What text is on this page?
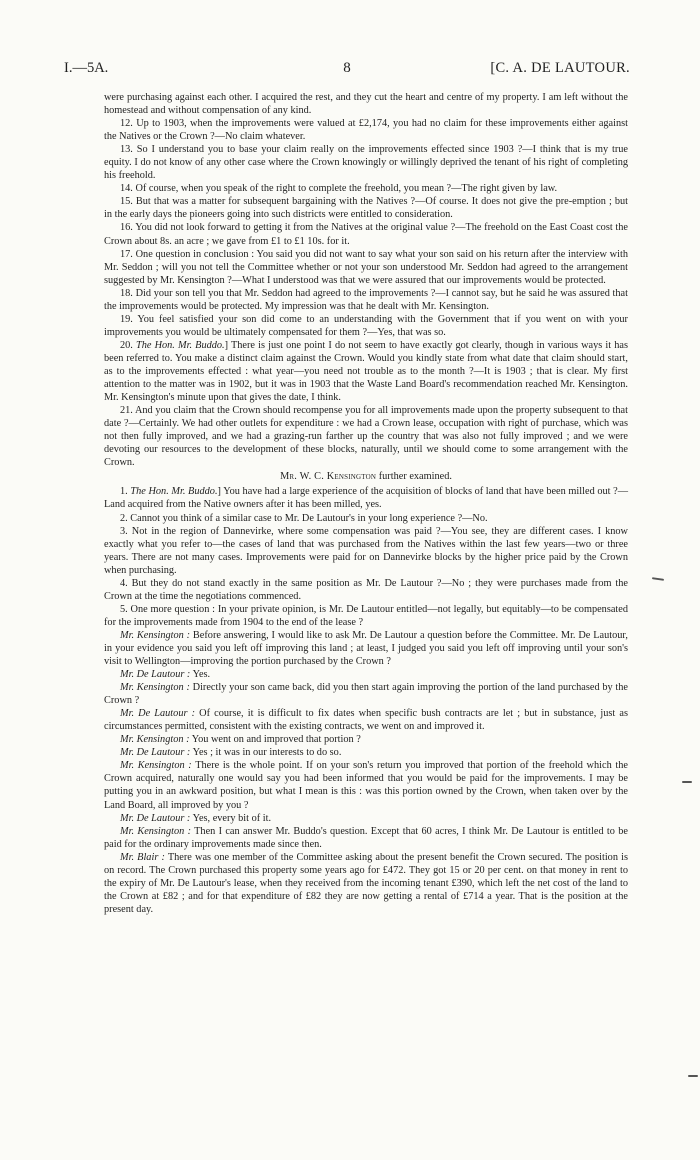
I.—5A.	8	[C. A. DE LAUTOUR.

were purchasing against each other. I acquired the rest, and they cut the heart and centre of my property. I am left without the homestead and without compensation of any kind.

12. Up to 1903, when the improvements were valued at £2,174, you had no claim for these improvements either against the Natives or the Crown ?—No claim whatever.

13. So I understand you to base your claim really on the improvements effected since 1903 ?—I think that is my true equity. I do not know of any other case where the Crown knowingly or willingly deprived the tenant of his right of completing his freehold.

14. Of course, when you speak of the right to complete the freehold, you mean ?—The right given by law.

15. But that was a matter for subsequent bargaining with the Natives ?—Of course. It does not give the pre-emption ; but in the early days the pioneers going into such districts were entitled to consideration.

16. You did not look forward to getting it from the Natives at the original value ?—The freehold on the East Coast cost the Crown about 8s. an acre ; we gave from £1 to £1 10s. for it.

17. One question in conclusion : You said you did not want to say what your son said on his return after the interview with Mr. Seddon ; will you not tell the Committee whether or not your son understood Mr. Seddon had agreed to the arrangement suggested by Mr. Kensington ?—What I understood was that we were assured that our improvements would be protected.

18. Did your son tell you that Mr. Seddon had agreed to the improvements ?—I cannot say, but he said he was assured that the improvements would be protected. My impression was that he dealt with Mr. Kensington.

19. You feel satisfied your son did come to an understanding with the Government that if you went on with your improvements you would be ultimately compensated for them ?—Yes, that was so.

20. The Hon. Mr. Buddo.] There is just one point I do not seem to have exactly got clearly, though in various ways it has been referred to. You make a distinct claim against the Crown. Would you kindly state from what date that claim should start, as to the improvements effected : what year—you need not trouble as to the month ?—It is 1903 ; that is clear. My first attention to the matter was in 1902, but it was in 1903 that the Waste Land Board's recommendation reached Mr. Kensington. Mr. Kensington's minute upon that gives the date, I think.

21. And you claim that the Crown should recompense you for all improvements made upon the property subsequent to that date ?—Certainly. We had other outlets for expenditure : we had a Crown lease, occupation with right of purchase, which was not then fully improved, and we had a grazing-run farther up the country that was also not fully improved ; and we were devoting our resources to the development of these blocks, naturally, until we should come to some arrangement with the Crown.

Mr. W. C. Kensington further examined.

1. The Hon. Mr. Buddo.] You have had a large experience of the acquisition of blocks of land that have been milled out ?—Land acquired from the Native owners after it has been milled, yes.

2. Cannot you think of a similar case to Mr. De Lautour's in your long experience ?—No.

3. Not in the region of Dannevirke, where some compensation was paid ?—You see, they are different cases. I know exactly what you refer to—the cases of land that was purchased from the Natives within the last few years—two or three years. There are not many cases. Improvements were paid for on Dannevirke blocks by the higher price paid by the Crown when purchasing.

4. But they do not stand exactly in the same position as Mr. De Lautour ?—No ; they were purchases made from the Crown at the time the negotiations commenced.

5. One more question : In your private opinion, is Mr. De Lautour entitled—not legally, but equitably—to be compensated for the improvements made from 1904 to the end of the lease ?

Mr. Kensington : Before answering, I would like to ask Mr. De Lautour a question before the Committee. Mr. De Lautour, in your evidence you said you left off improving this land ; at least, I judged you said you left off improving until your son's visit to Wellington—improving the portion purchased by the Crown ?

Mr. De Lautour : Yes.

Mr. Kensington : Directly your son came back, did you then start again improving the portion of the land purchased by the Crown ?

Mr. De Lautour : Of course, it is difficult to fix dates when specific bush contracts are let ; but in substance, just as circumstances permitted, consistent with the existing contracts, we went on and improved it.

Mr. Kensington : You went on and improved that portion ?

Mr. De Lautour : Yes ; it was in our interests to do so.

Mr. Kensington : There is the whole point. If on your son's return you improved that portion of the freehold which the Crown acquired, naturally one would say you had been informed that you would be paid for the improvements. I may be putting you in an awkward position, but what I mean is this : was this portion owned by the Crown, when taken over by the Land Board, all improved by you ?

Mr. De Lautour : Yes, every bit of it.

Mr. Kensington : Then I can answer Mr. Buddo's question. Except that 60 acres, I think Mr. De Lautour is entitled to be paid for the ordinary improvements made since then.

Mr. Blair : There was one member of the Committee asking about the present benefit the Crown secured. The position is on record. The Crown purchased this property some years ago for £472. They got 15 or 20 per cent. on that money in rent to the expiry of Mr. De Lautour's lease, when they received from the incoming tenant £390, which left the net cost of the land to the Crown at £82 ; and for that expenditure of £82 they are now getting a rental of £714 a year. That is the position at the present day.
